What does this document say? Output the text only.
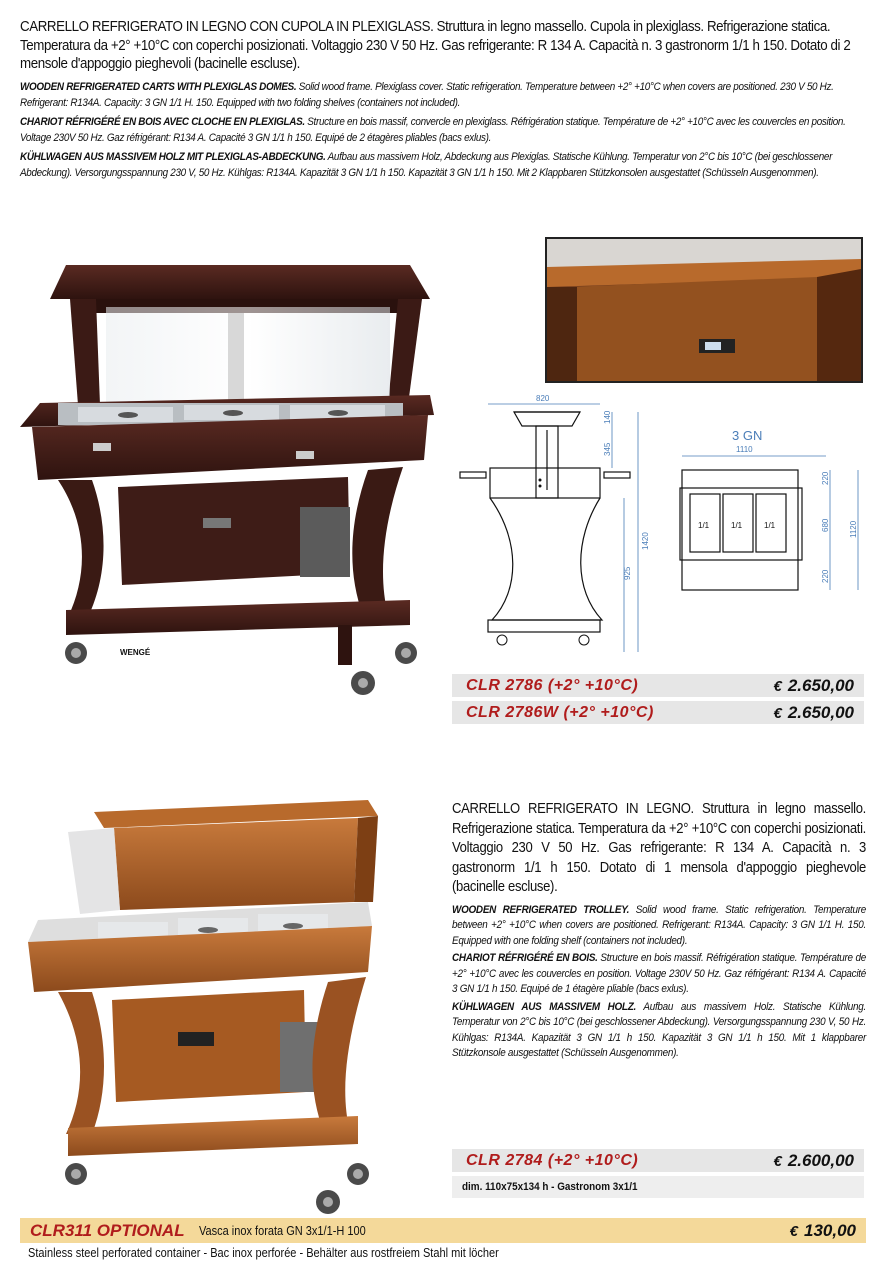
CARRELLO REFRIGERATO IN LEGNO CON CUPOLA IN PLEXIGLASS. Struttura in legno massello. Cupola in plexiglass. Refrigerazione statica. Temperatura da +2° +10°C con coperchi posizionati. Voltaggio 230 V 50 Hz. Gas refrigerante: R 134 A. Capacità n. 3 gastronorm 1/1 h 150. Dotato di 2 mensole d'appoggio pieghevoli (bacinelle escluse).
WOODEN REFRIGERATED CARTS WITH PLEXIGLAS DOMES. Solid wood frame. Plexiglass cover. Static refrigeration. Temperature between +2° +10°C when covers are positioned. 230 V 50 Hz. Refrigerant: R134A. Capacity: 3 GN 1/1 H. 150. Equipped with two folding shelves (containers not included).
CHARIOT RÉFRIGÉRÉ EN BOIS AVEC CLOCHE EN PLEXIGLAS. Structure en bois massif, convercle en plexiglass. Réfrigération statique. Température de +2° +10°C avec les couvercles en position. Voltage 230V 50 Hz. Gaz réfrigérant: R134 A. Capacité 3 GN 1/1 h 150. Equipé de 2 étagères pliables (bacs exlus).
KÜHLWAGEN AUS MASSIVEM HOLZ MIT PLEXIGLAS-ABDECKUNG. Aufbau aus massivem Holz, Abdeckung aus Plexiglas. Statische Kühlung. Temperatur von 2°C bis 10°C (bei geschlossener Abdeckung). Versorgungsspannung 230 V, 50 Hz. Kühlgas: R134A. Kapazität 3 GN 1/1 h 150. Kapazität 3 GN 1/1 h 150. Mit 2 Klappbaren Stützkonsolen ausgestattet (Schüsseln Ausgenommen).
WENGÉ
820
140
345
1420
925
3 GN
1110
1/1	1/1	1/1
220
680
220
1120
CLR 2786 (+2° +10°C)	€ 2.650,00
CLR 2786W (+2° +10°C)	€ 2.650,00
CARRELLO REFRIGERATO IN LEGNO. Struttura in legno massello. Refrigerazione statica. Temperatura da +2° +10°C con coperchi posizionati. Voltaggio 230 V 50 Hz. Gas refrigerante: R 134 A. Capacità n. 3 gastronorm 1/1 h 150. Dotato di 1 mensola d'appoggio pieghevole (bacinelle escluse).
WOODEN REFRIGERATED TROLLEY. Solid wood frame. Static refrigeration. Temperature between +2° +10°C when covers are positioned. Refrigerant: R134A. Capacity: 3 GN 1/1 H. 150. Equipped with one folding shelf (containers not included).
CHARIOT RÉFRIGÉRÉ EN BOIS. Structure en bois massif. Réfrigération statique. Température de +2° +10°C avec les couvercles en position. Voltage 230V 50 Hz. Gaz réfrigérant: R134 A. Capacité 3 GN 1/1 h 150. Equipé de 1 étagère pliable (bacs exlus).
KÜHLWAGEN AUS MASSIVEM HOLZ. Aufbau aus massivem Holz. Statische Kühlung. Temperatur von 2°C bis 10°C (bei geschlossener Abdeckung). Versorgungsspannung 230 V, 50 Hz. Kühlgas: R134A. Kapazität 3 GN 1/1 h 150. Kapazität 3 GN 1/1 h 150. Mit 1 klappbarer Stützkonsole ausgestattet (Schüsseln Ausgenommen).
CLR 2784 (+2° +10°C)	€ 2.600,00
dim. 110x75x134 h - Gastronom 3x1/1
CLR311 OPTIONAL Vasca inox forata GN 3x1/1-H 100	€ 130,00
Stainless steel perforated container - Bac inox perforée - Behälter aus rostfreiem Stahl mit löcher
